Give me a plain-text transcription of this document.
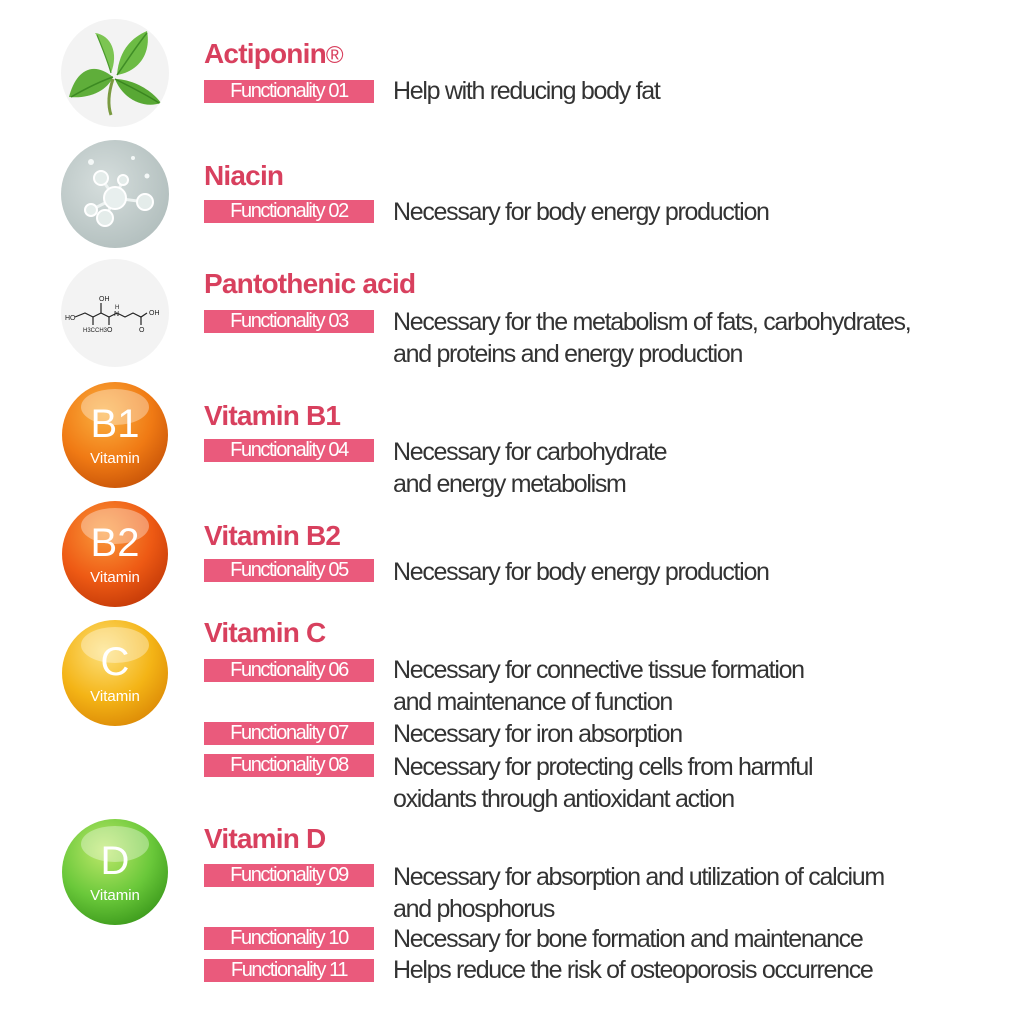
HO
OH
H3C CH3 O
H
N
O
OH
B1
Vitamin
B2
Vitamin
C
Vitamin
D
Vitamin
Actiponin®
Niacin
Pantothenic acid
Vitamin B1
Vitamin B2
Vitamin C
Vitamin D
Functionality 01
Functionality 02
Functionality 03
Functionality 04
Functionality 05
Functionality 06
Functionality 07
Functionality 08
Functionality 09
Functionality 10
Functionality 11
Help with reducing body fat
Necessary for body energy production
Necessary for the metabolism of fats, carbohydrates,
and proteins and energy production
Necessary for carbohydrate
and energy metabolism
Necessary for body energy production
Necessary for connective tissue formation
and maintenance of function
Necessary for iron absorption
Necessary for protecting cells from harmful
oxidants through antioxidant action
Necessary for absorption and utilization of calcium
and phosphorus
Necessary for bone formation and maintenance
Helps reduce the risk of osteoporosis occurrence
